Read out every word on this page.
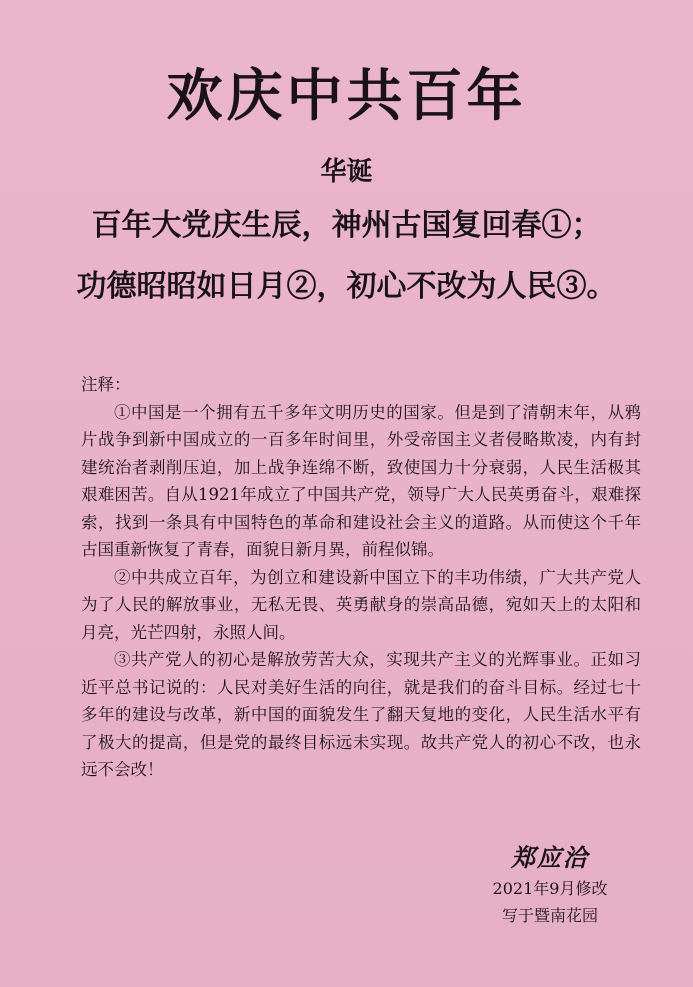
欢庆中共百年
华诞
百年大党庆生辰，神州古国复回春①；
功德昭昭如日月②，初心不改为人民③。

注释：

①中国是一个拥有五千多年文明历史的国家。但是到了清朝末年，从鸦片战争到新中国成立的一百多年时间里，外受帝国主义者侵略欺凌，内有封建统治者剥削压迫，加上战争连绵不断，致使国力十分衰弱，人民生活极其艰难困苦。自从1921年成立了中国共产党，领导广大人民英勇奋斗，艰难探索，找到一条具有中国特色的革命和建设社会主义的道路。从而使这个千年古国重新恢复了青春，面貌日新月異，前程似锦。

②中共成立百年，为创立和建设新中国立下的丰功伟绩，广大共产党人为了人民的解放事业，无私无畏、英勇献身的崇高品德，宛如天上的太阳和月亮，光芒四射，永照人间。

③共产党人的初心是解放劳苦大众，实现共产主义的光辉事业。正如习近平总书记说的：人民对美好生活的向往，就是我们的奋斗目标。经过七十多年的建设与改革，新中国的面貌发生了翻天复地的变化，人民生活水平有了极大的提高，但是党的最终目标远未实现。故共产党人的初心不改，也永远不会改！

郑应洽
2021年9月修改
写于暨南花园
